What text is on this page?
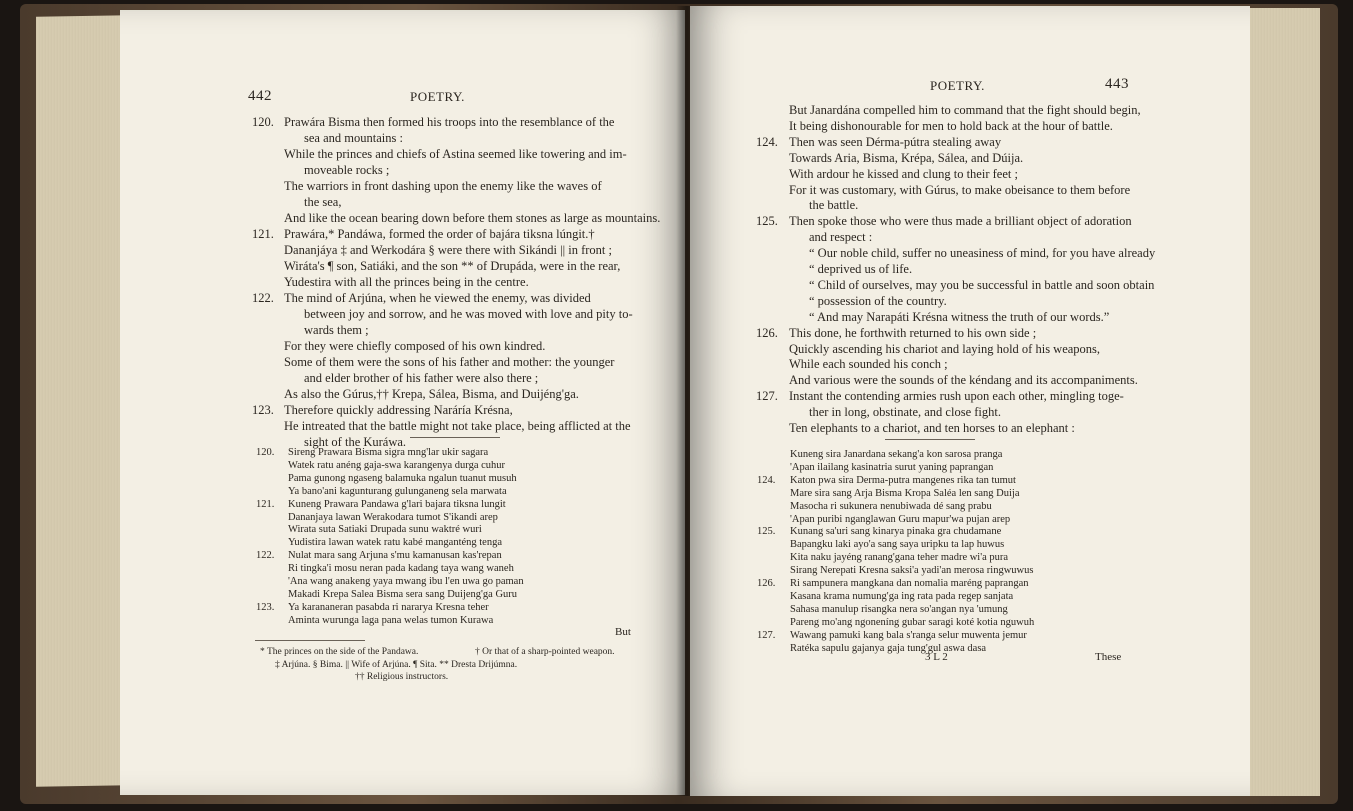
442	POETRY.
120. Prawára Bisma then formed his troops into the resemblance of the
sea and mountains :
While the princes and chiefs of Astina seemed like towering and im-
moveable rocks ;
The warriors in front dashing upon the enemy like the waves of
the sea,
And like the ocean bearing down before them stones as large as mountains.
121. Prawára,* Pandáwa, formed the order of bajára tiksna lúngit.†
Dananjáya ‡ and Werkodára § were there with Sikándi || in front ;
Wiráta's ¶ son, Satiáki, and the son ** of Drupáda, were in the rear,
Yudestira with all the princes being in the centre.
122. The mind of Arjúna, when he viewed the enemy, was divided
between joy and sorrow, and he was moved with love and pity to-
wards them ;
For they were chiefly composed of his own kindred.
Some of them were the sons of his father and mother: the younger
and elder brother of his father were also there ;
As also the Gúrus,†† Krepa, Sálea, Bisma, and Duijéng'ga.
123. Therefore quickly addressing Naráría Krésna,
He intreated that the battle might not take place, being afflicted at the
sight of the Kuráwa.
120. Sireng Prawara Bisma sigra mng'lar ukir sagara
Watek ratu anéng gaja-swa karangenya durga cuhur
Pama gunong ngaseng balamuka ngalun tuanut musuh
Ya bano'ani kagunturang gulunganeng sela marwata
121. Kuneng Prawara Pandawa g'lari bajara tiksna lungit
Dananjaya lawan Werakodara tumot S'ikandi arep
Wirata suta Satiaki Drupada sunu waktré wuri
Yudistira lawan watek ratu kabé manganténg tenga
122. Nulat mara sang Arjuna s'mu kamanusan kas'repan
Ri tingka'i mosu neran pada kadang taya wang waneh
'Ana wang anakeng yaya mwang ibu l'en uwa go paman
Makadi Krepa Salea Bisma sera sang Duijeng'ga Guru
123. Ya karananeran pasabda ri nararya Kresna teher
Aminta wurunga laga pana welas tumon Kurawa
But
* The princes on the side of the Pandawa.	† Or that of a sharp-pointed weapon.
‡ Arjúna. § Bima. || Wife of Arjúna. ¶ Sita. ** Dresta Drijúmna.
†† Religious instructors.
POETRY.	443
But Janardána compelled him to command that the fight should begin,
It being dishonourable for men to hold back at the hour of battle.
124. Then was seen Dérma-pútra stealing away
Towards Aria, Bisma, Krépa, Sálea, and Dúija.
With ardour he kissed and clung to their feet ;
For it was customary, with Gúrus, to make obeisance to them before
the battle.
125. Then spoke those who were thus made a brilliant object of adoration
and respect :
“ Our noble child, suffer no uneasiness of mind, for you have already
“ deprived us of life.
“ Child of ourselves, may you be successful in battle and soon obtain
“ possession of the country.
“ And may Narapáti Krésna witness the truth of our words.”
126. This done, he forthwith returned to his own side ;
Quickly ascending his chariot and laying hold of his weapons,
While each sounded his conch ;
And various were the sounds of the kéndang and its accompaniments.
127. Instant the contending armies rush upon each other, mingling toge-
ther in long, obstinate, and close fight.
Ten elephants to a chariot, and ten horses to an elephant :
Kuneng sira Janardana sekang'a kon sarosa pranga
'Apan ilailang kasinatria surut yaning paprangan
124. Katon pwa sira Derma-putra mangenes rika tan tumut
Mare sira sang Arja Bisma Kropa Saléa len sang Duija
Masocha ri sukunera nenubiwada dé sang prabu
'Apan puribi nganglawan Guru mapur'wa pujan arep
125. Kunang sa'uri sang kinarya pinaka gra chudamane
Bapangku laki ayo'a sang saya uripku ta lap huwus
Kita naku jayéng ranang'gana teher madre wi'a pura
Sirang Nerepati Kresna saksi'a yadi'an merosa ringwuwus
126. Ri sampunera mangkana dan nomalia maréng paprangan
Kasana krama numung'ga ing rata pada regep sanjata
Sahasa manulup risangka nera so'angan nya 'umung
Pareng mo'ang ngoneníng gubar saragi koté kotia nguwuh
127. Wawang pamuki kang bala s'ranga selur muwenta jemur
Ratéka sapulu gajanya gaja tung'gul aswa dasa
3 L 2	These
